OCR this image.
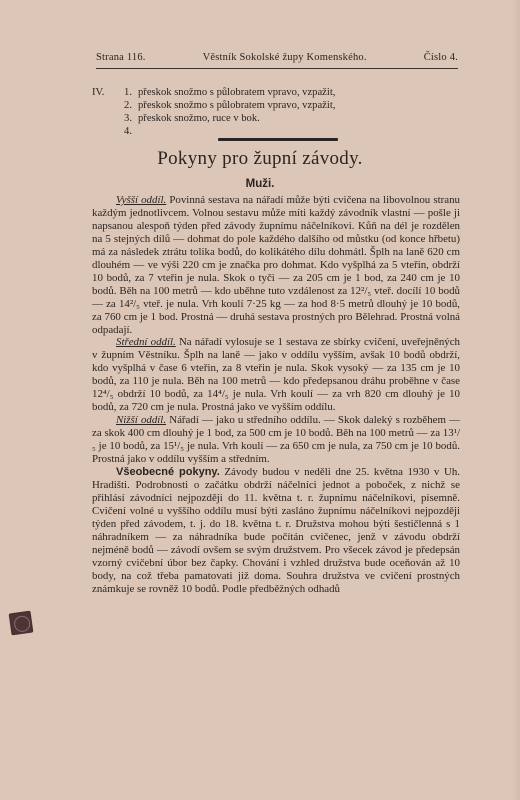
Strana 116.	Věstník Sokolské župy Komenského.	Číslo 4.
IV. 1. přeskok snožmo s půlobratem vpravo, vzpažit,
2. přeskok snožmo s půlobratem vpravo, vzpažit,
3. přeskok snožmo, ruce v bok.
4.
Pokyny pro župní závody.
Muži.

Vyšší oddíl. Povinná sestava na nářadí může býti cvičena na libovolnou stranu každým jednotlivcem. Volnou sestavu může míti každý závodník vlastní — pošle ji napsanou alespoň týden před závody župnímu náčelníkovi. Kůň na dél je rozdělen na 5 stejných dílů — dohmat do pole každého dalšího od můstku (od konce hřbetu) má za následek ztrátu tolika bodů, do kolikátého dílu dohmátl. Šplh na laně 620 cm dlouhém — ve výši 220 cm je značka pro dohmat. Kdo vyšplhá za 5 vteřin, obdrží 10 bodů, za 7 vteřin je nula. Skok o tyči — za 205 cm je 1 bod, za 240 cm je 10 bodů. Běh na 100 metrů — kdo uběhne tuto vzdálenost za 12²/₅ vteř. docílí 10 bodů — za 14²/₅ vteř. je nula. Vrh koulí 7·25 kg — za hod 8·5 metrů dlouhý je 10 bodů, za 760 cm je 1 bod. Prostná — druhá sestava prostných pro Bělehrad. Prostná volná odpadají.

Střední oddíl. Na nářadí vylosuje se 1 sestava ze sbírky cvičení, uveřejněných v župním Věstníku. Šplh na laně — jako v oddílu vyšším, avšak 10 bodů obdrží, kdo vyšplhá v čase 6 vteřin, za 8 vteřin je nula. Skok vysoký — za 135 cm je 10 bodů, za 110 je nula. Běh na 100 metrů — kdo předepsanou dráhu proběhne v čase 12⁴/₅ obdrží 10 bodů, za 14⁴/₅ je nula. Vrh koulí — za vrh 820 cm dlouhý je 10 bodů, za 720 cm je nula. Prostná jako ve vyšším oddílu.

Nižší oddíl. Nářadí — jako u středního oddílu. — Skok daleký s rozběhem — za skok 400 cm dlouhý je 1 bod, za 500 cm je 10 bodů. Běh na 100 metrů — za 13¹/₅ je 10 bodů, za 15¹/₅ je nula. Vrh koulí — za 650 cm je nula, za 750 cm je 10 bodů. Prostná jako v oddílu vyšším a středním.

Všeobecné pokyny. Závody budou v neděli dne 25. května 1930 v Uh. Hradišti. Podrobnosti o začátku obdrží náčelníci jednot a poboček, z nichž se přihlásí závodníci nejpozději do 11. května t. r. župnímu náčelníkovi, písemně. Cvičení volné u vyššího oddílu musí býti zasláno župnímu náčelníkovi nejpozději týden před závodem, t. j. do 18. května t. r. Družstva mohou býti šestičlenná s 1 náhradníkem — za náhradníka bude počítán cvičenec, jenž v závodu obdrží nejméně bodů — závodí ovšem se svým družstvem. Pro všecek závod je předepsán vzorný cvičební úbor bez čapky. Chování i vzhled družstva bude oceňován až 10 body, na což třeba pamatovati již doma. Souhra družstva ve cvičení prostných známkuje se rovněž 10 bodů. Podle předběžných odhadů
